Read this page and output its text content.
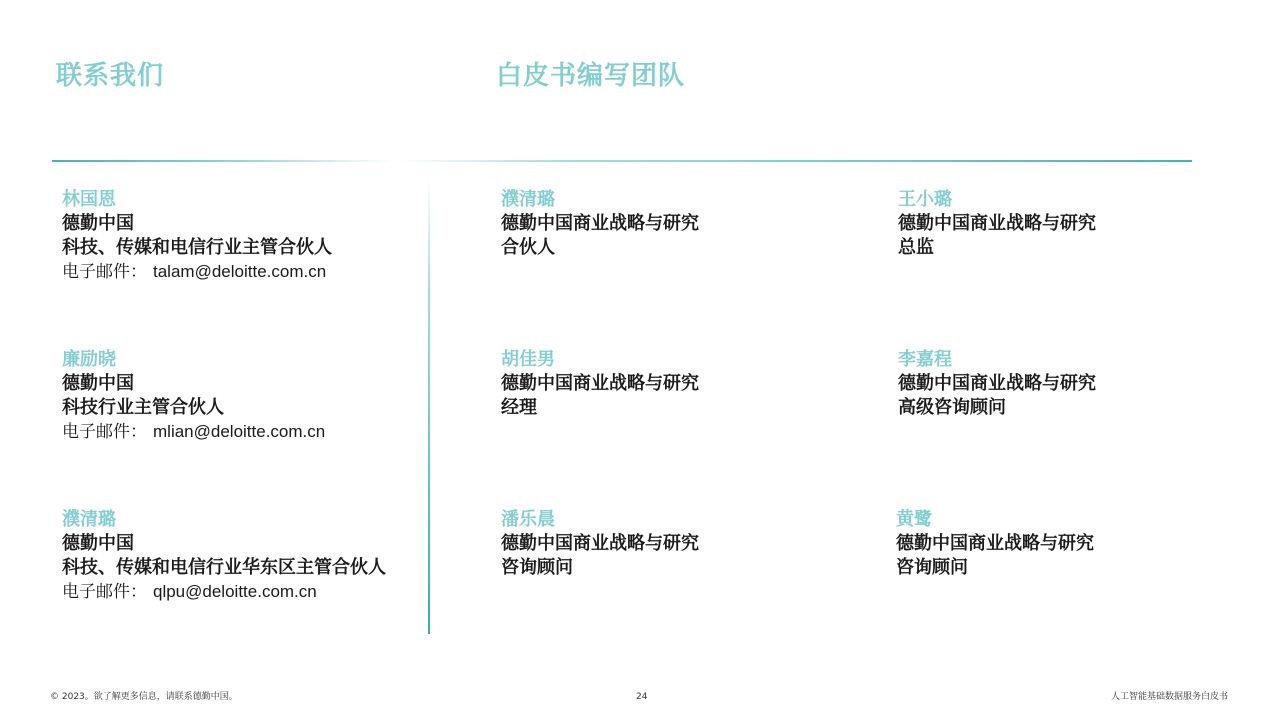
联系我们	白皮书编写团队
林国恩
德勤中国
科技、传媒和电信行业主管合伙人
电子邮件： talam@deloitte.com.cn
廉励晓
德勤中国
科技行业主管合伙人
电子邮件： mlian@deloitte.com.cn
濮清璐
德勤中国
科技、传媒和电信行业华东区主管合伙人
电子邮件： qlpu@deloitte.com.cn
濮清璐
德勤中国商业战略与研究
合伙人
胡佳男
德勤中国商业战略与研究
经理
潘乐晨
德勤中国商业战略与研究
咨询顾问
王小璐
德勤中国商业战略与研究
总监
李嘉程
德勤中国商业战略与研究
高级咨询顾问
黄鹭
德勤中国商业战略与研究
咨询顾问
© 2023。欲了解更多信息，请联系德勤中国。	24	人工智能基础数据服务白皮书
